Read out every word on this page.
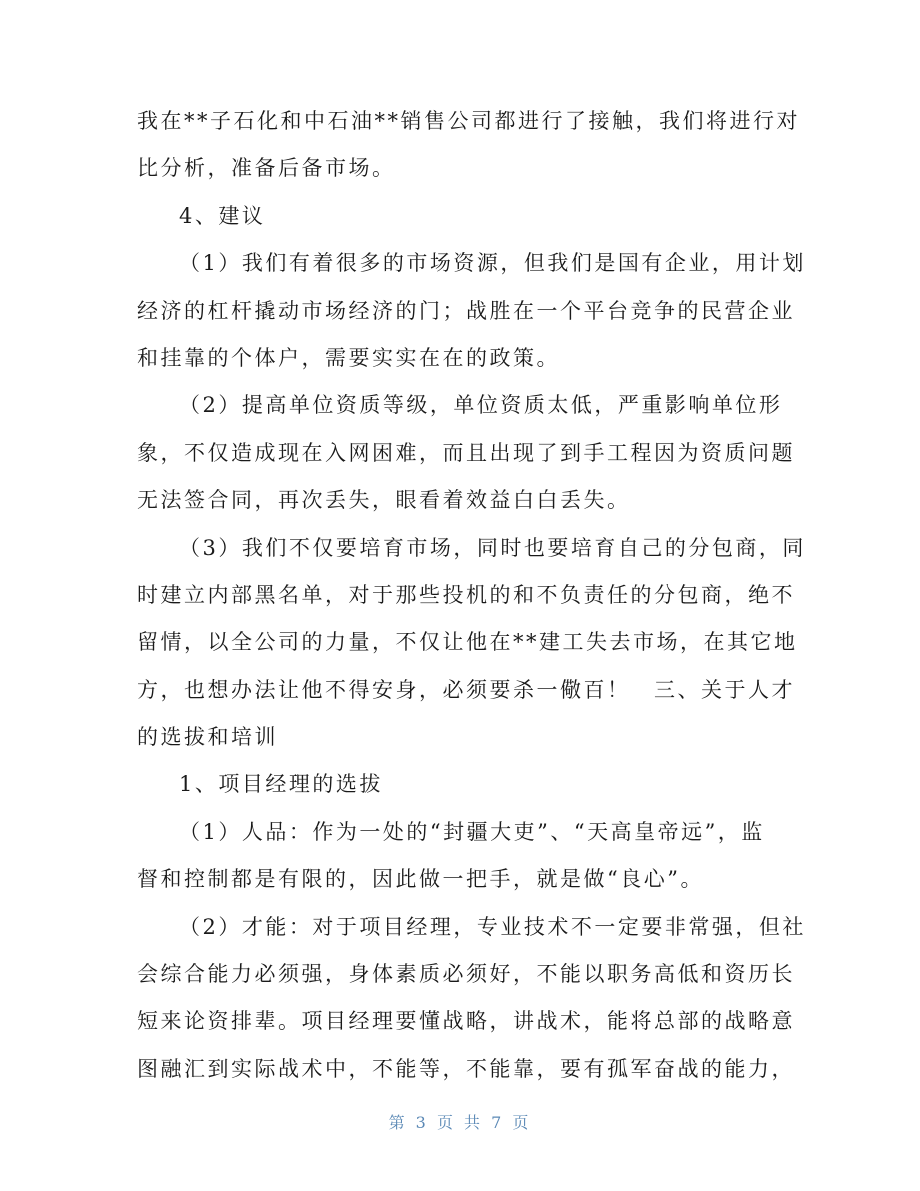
我在**子石化和中石油**销售公司都进行了接触，我们将进行对
比分析，准备后备市场。
4、建议
（1）我们有着很多的市场资源，但我们是国有企业，用计划
经济的杠杆撬动市场经济的门；战胜在一个平台竞争的民营企业
和挂靠的个体户，需要实实在在的政策。
（2）提高单位资质等级，单位资质太低，严重影响单位形
象，不仅造成现在入网困难，而且出现了到手工程因为资质问题
无法签合同，再次丢失，眼看着效益白白丢失。
（3）我们不仅要培育市场，同时也要培育自己的分包商，同
时建立内部黑名单，对于那些投机的和不负责任的分包商，绝不
留情，以全公司的力量，不仅让他在**建工失去市场，在其它地
方，也想办法让他不得安身，必须要杀一儆百！　三、关于人才
的选拔和培训
1、项目经理的选拔
（1）人品：作为一处的“封疆大吏”、“天高皇帝远”，监
督和控制都是有限的，因此做一把手，就是做“良心”。
（2）才能：对于项目经理，专业技术不一定要非常强，但社
会综合能力必须强，身体素质必须好，不能以职务高低和资历长
短来论资排辈。项目经理要懂战略，讲战术，能将总部的战略意
图融汇到实际战术中，不能等，不能靠，要有孤军奋战的能力，
第 3 页 共 7 页
